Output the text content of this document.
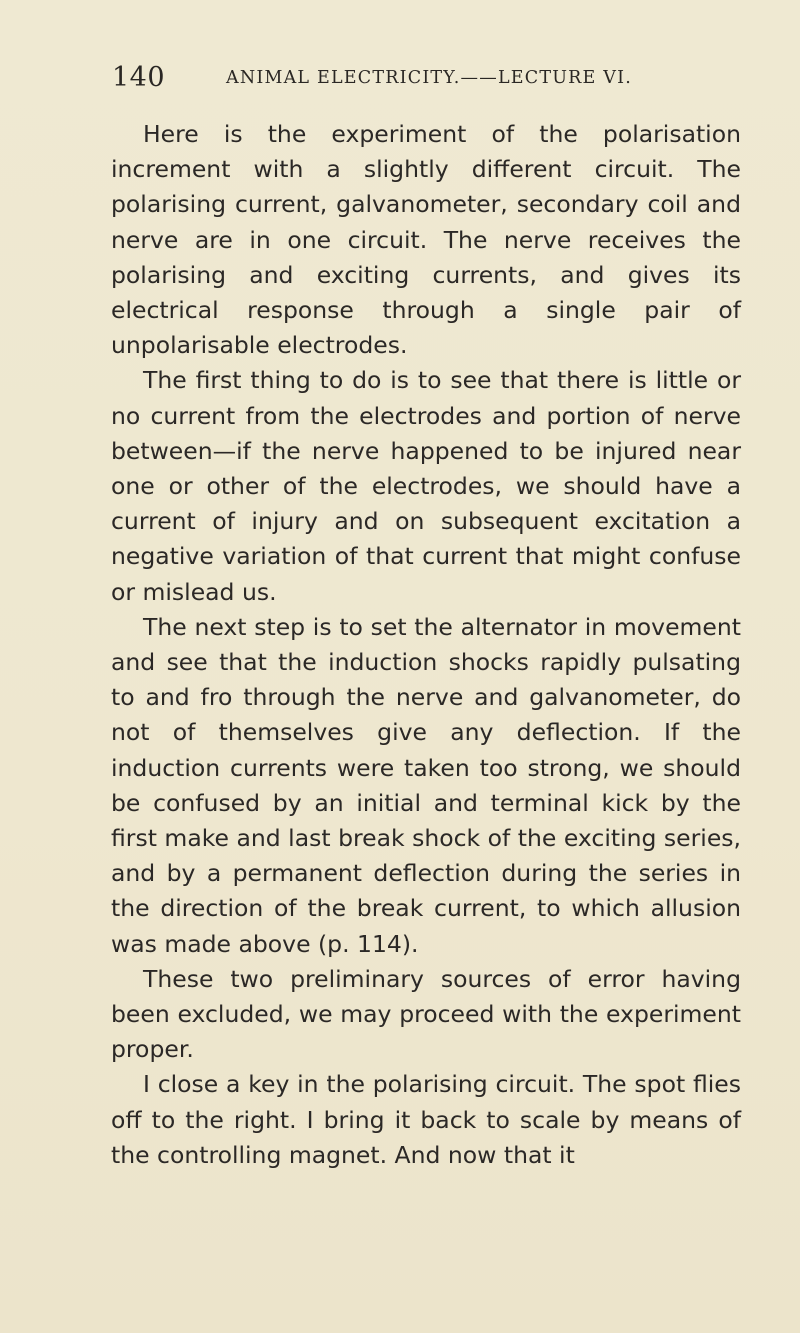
140	ANIMAL ELECTRICITY.——LECTURE VI.

Here is the experiment of the polarisation increment with a slightly different circuit. The polarising current, galvanometer, secondary coil and nerve are in one circuit. The nerve receives the polarising and exciting currents, and gives its electrical response through a single pair of unpolarisable electrodes.

The first thing to do is to see that there is little or no current from the electrodes and portion of nerve between—if the nerve happened to be injured near one or other of the electrodes, we should have a current of injury and on subsequent excitation a negative variation of that current that might confuse or mislead us.

The next step is to set the alternator in movement and see that the induction shocks rapidly pulsating to and fro through the nerve and galvanometer, do not of themselves give any deflection. If the induction currents were taken too strong, we should be confused by an initial and terminal kick by the first make and last break shock of the exciting series, and by a permanent deflection during the series in the direction of the break current, to which allusion was made above (p. 114).

These two preliminary sources of error having been excluded, we may proceed with the experiment proper.

I close a key in the polarising circuit. The spot flies off to the right. I bring it back to scale by means of the controlling magnet. And now that it
